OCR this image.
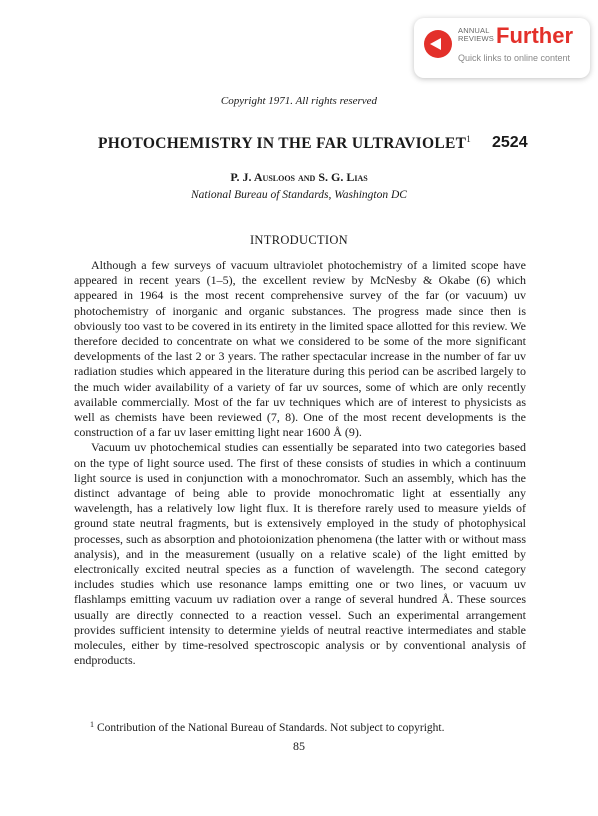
ANNUAL
REVIEWS Further
Quick links to online content
Copyright 1971. All rights reserved
PHOTOCHEMISTRY IN THE FAR ULTRAVIOLET$^1$ 2524
P. J. Ausloos and S. G. Lias
National Bureau of Standards, Washington DC
INTRODUCTION

Although a few surveys of vacuum ultraviolet photochemistry of a limited scope have appeared in recent years (1–5), the excellent review by McNesby & Okabe (6) which appeared in 1964 is the most recent comprehensive survey of the far (or vacuum) uv photochemistry of inorganic and organic substances. The progress made since then is obviously too vast to be covered in its entirety in the limited space allotted for this review. We therefore decided to concentrate on what we considered to be some of the more significant developments of the last 2 or 3 years. The rather spectacular increase in the number of far uv radiation studies which appeared in the literature during this period can be ascribed largely to the much wider availability of a variety of far uv sources, some of which are only recently available commercially. Most of the far uv techniques which are of interest to physicists as well as chemists have been reviewed (7, 8). One of the most recent developments is the construction of a far uv laser emitting light near 1600 Å (9).

Vacuum uv photochemical studies can essentially be separated into two categories based on the type of light source used. The first of these consists of studies in which a continuum light source is used in conjunction with a monochromator. Such an assembly, which has the distinct advantage of being able to provide monochromatic light at essentially any wavelength, has a relatively low light flux. It is therefore rarely used to measure yields of ground state neutral fragments, but is extensively employed in the study of photophysical processes, such as absorption and photoionization phenomena (the latter with or without mass analysis), and in the measurement (usually on a relative scale) of the light emitted by electronically excited neutral species as a function of wavelength. The second category includes studies which use resonance lamps emitting one or two lines, or vacuum uv flashlamps emitting vacuum uv radiation over a range of several hundred Å. These sources usually are directly connected to a reaction vessel. Such an experimental arrangement provides sufficient intensity to determine yields of neutral reactive intermediates and stable molecules, either by time-resolved spectroscopic analysis or by conventional analysis of endproducts.

$^1$ Contribution of the National Bureau of Standards. Not subject to copyright.
85
